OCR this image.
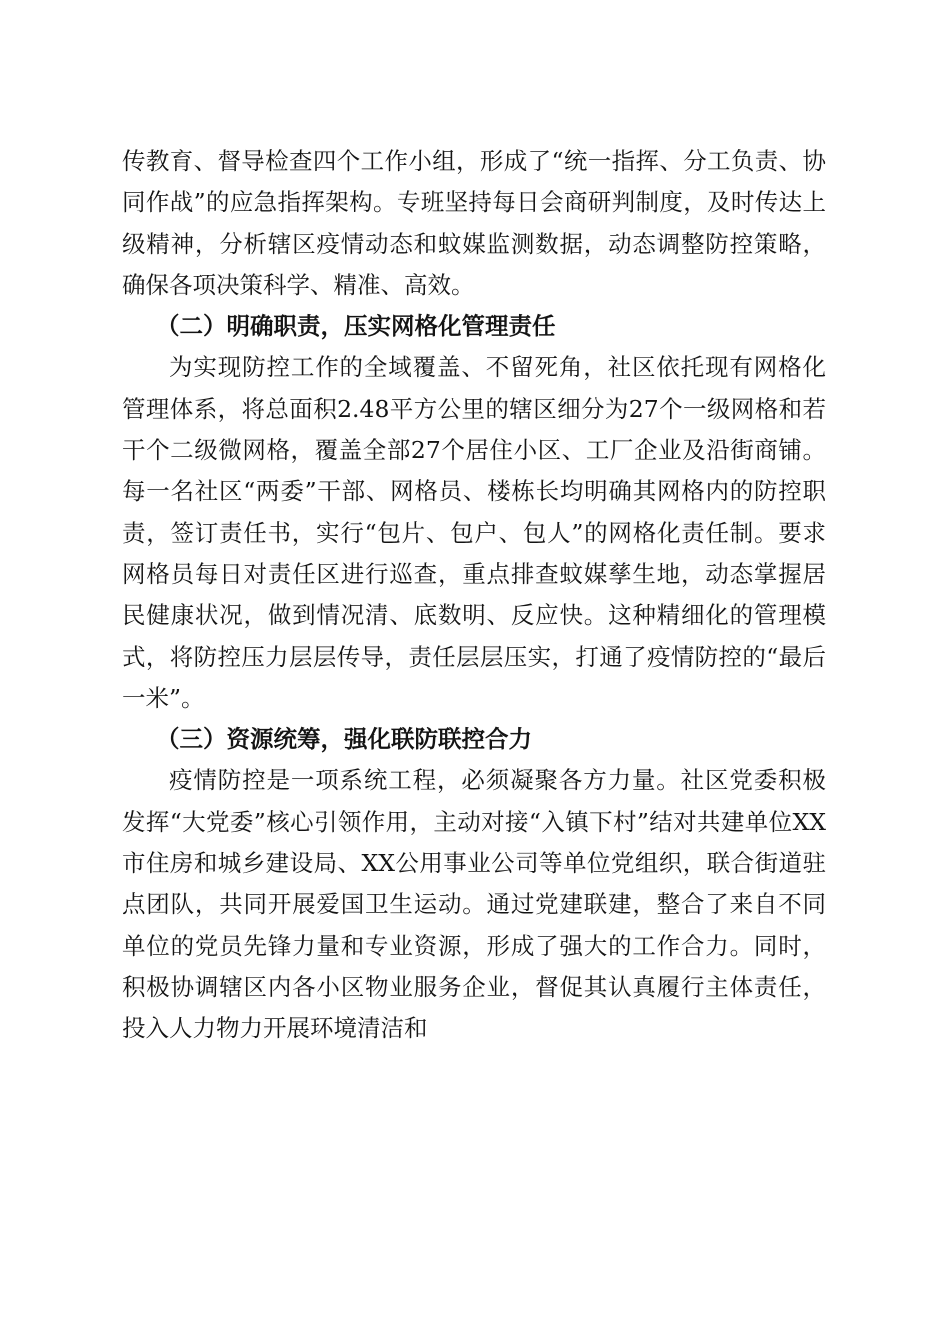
传教育、督导检查四个工作小组，形成了“统一指挥、分工负责、协同作战”的应急指挥架构。专班坚持每日会商研判制度，及时传达上级精神，分析辖区疫情动态和蚊媒监测数据，动态调整防控策略，确保各项决策科学、精准、高效。

（二）明确职责，压实网格化管理责任

为实现防控工作的全域覆盖、不留死角，社区依托现有网格化管理体系，将总面积2.48平方公里的辖区细分为27个一级网格和若干个二级微网格，覆盖全部27个居住小区、工厂企业及沿街商铺。每一名社区“两委”干部、网格员、楼栋长均明确其网格内的防控职责，签订责任书，实行“包片、包户、包人”的网格化责任制。要求网格员每日对责任区进行巡查，重点排查蚊媒孳生地，动态掌握居民健康状况，做到情况清、底数明、反应快。这种精细化的管理模式，将防控压力层层传导，责任层层压实，打通了疫情防控的“最后一米”。

（三）资源统筹，强化联防联控合力

疫情防控是一项系统工程，必须凝聚各方力量。社区党委积极发挥“大党委”核心引领作用，主动对接“入镇下村”结对共建单位XX市住房和城乡建设局、XX公用事业公司等单位党组织，联合街道驻点团队，共同开展爱国卫生运动。通过党建联建，整合了来自不同单位的党员先锋力量和专业资源，形成了强大的工作合力。同时，积极协调辖区内各小区物业服务企业，督促其认真履行主体责任，投入人力物力开展环境清洁和
